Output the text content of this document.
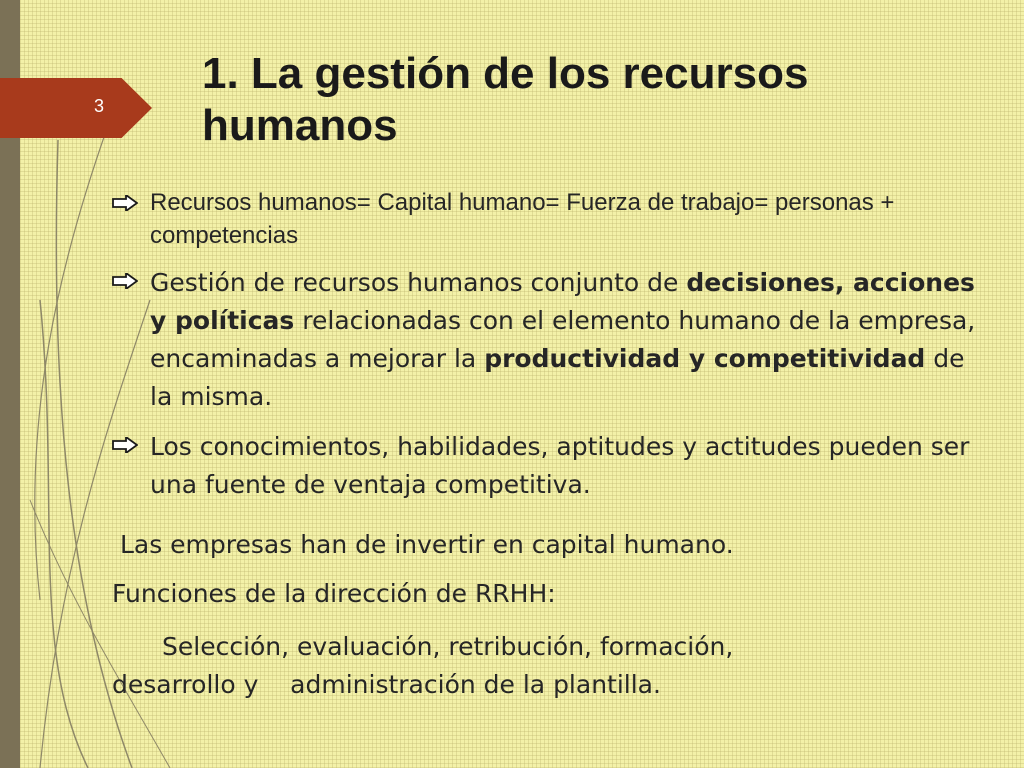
3
1. La gestión de los recursos humanos
Recursos humanos= Capital humano= Fuerza de trabajo= personas + competencias
Gestión de recursos humanos conjunto de decisiones, acciones y políticas relacionadas con el elemento humano de la empresa, encaminadas a mejorar la productividad y competitividad de la misma.
Los conocimientos, habilidades, aptitudes y actitudes pueden ser una fuente de ventaja competitiva.
Las empresas han de invertir en capital humano.
Funciones de la dirección de RRHH:
Selección, evaluación, retribución, formación,
desarrollo y    administración de la plantilla.
